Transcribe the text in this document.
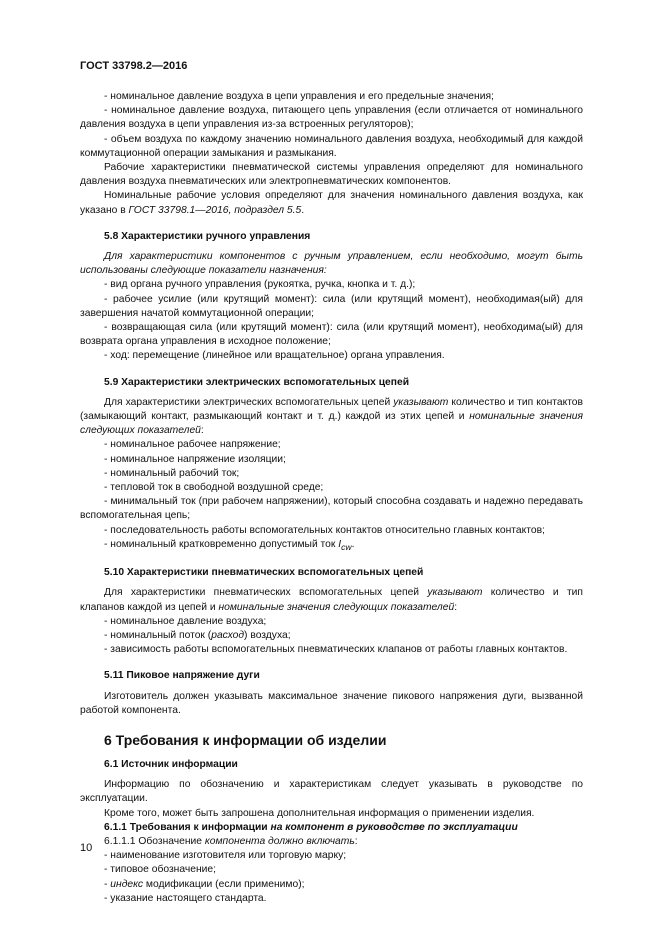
ГОСТ 33798.2—2016

- номинальное давление воздуха в цепи управления и его предельные значения;

- номинальное давление воздуха, питающего цепь управления (если отличается от номинального давления воздуха в цепи управления из-за встроенных регуляторов);

- объем воздуха по каждому значению номинального давления воздуха, необходимый для каждой коммутационной операции замыкания и размыкания.

Рабочие характеристики пневматической системы управления определяют для номинального давления воздуха пневматических или электропневматических компонентов.

Номинальные рабочие условия определяют для значения номинального давления воздуха, как указано в ГОСТ 33798.1—2016, подраздел 5.5.

5.8 Характеристики ручного управления

Для характеристики компонентов с ручным управлением, если необходимо, могут быть использованы следующие показатели назначения:

- вид органа ручного управления (рукоятка, ручка, кнопка и т. д.);

- рабочее усилие (или крутящий момент): сила (или крутящий момент), необходимая(ый) для завершения начатой коммутационной операции;

- возвращающая сила (или крутящий момент): сила (или крутящий момент), необходима(ый) для возврата органа управления в исходное положение;

- ход: перемещение (линейное или вращательное) органа управления.

5.9 Характеристики электрических вспомогательных цепей

Для характеристики электрических вспомогательных цепей указывают количество и тип контактов (замыкающий контакт, размыкающий контакт и т. д.) каждой из этих цепей и номинальные значения следующих показателей:

- номинальное рабочее напряжение;

- номинальное напряжение изоляции;

- номинальный рабочий ток;

- тепловой ток в свободной воздушной среде;

- минимальный ток (при рабочем напряжении), который способна создавать и надежно передавать вспомогательная цепь;

- последовательность работы вспомогательных контактов относительно главных контактов;

- номинальный кратковременно допустимый ток $I_{cw}$.

5.10 Характеристики пневматических вспомогательных цепей

Для характеристики пневматических вспомогательных цепей указывают количество и тип клапанов каждой из цепей и номинальные значения следующих показателей:

- номинальное давление воздуха;

- номинальный поток (расход) воздуха;

- зависимость работы вспомогательных пневматических клапанов от работы главных контактов.

5.11 Пиковое напряжение дуги

Изготовитель должен указывать максимальное значение пикового напряжения дуги, вызванной работой компонента.

6 Требования к информации об изделии

6.1 Источник информации

Информацию по обозначению и характеристикам следует указывать в руководстве по эксплуатации.

Кроме того, может быть запрошена дополнительная информация о применении изделия.

6.1.1 Требования к информации на компонент в руководстве по эксплуатации

6.1.1.1 Обозначение компонента должно включать:

- наименование изготовителя или торговую марку;

- типовое обозначение;

- индекс модификации (если применимо);

- указание настоящего стандарта.

10
